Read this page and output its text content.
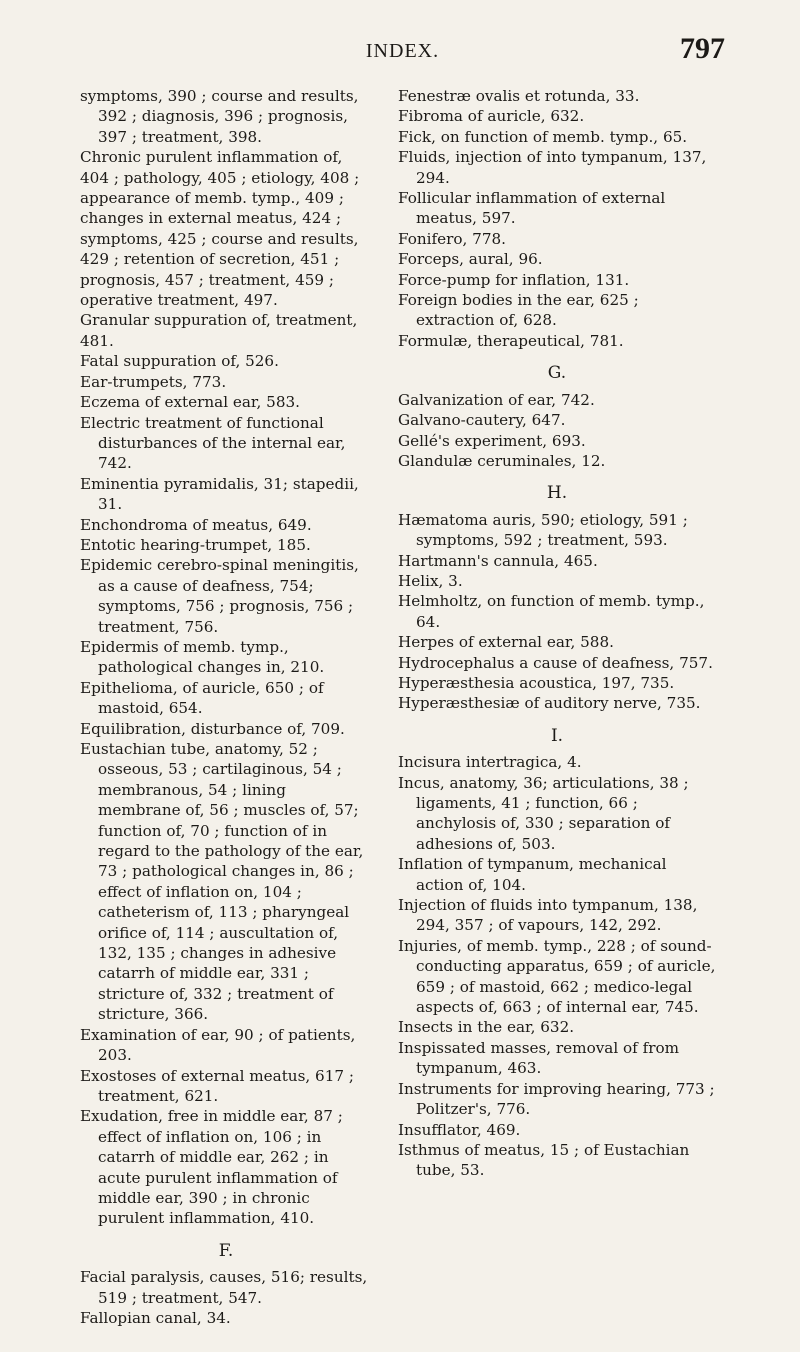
INDEX.	797
symptoms, 390 ; course and results, 392 ; diagnosis, 396 ; prognosis, 397 ; treatment, 398.
Chronic purulent inflammation of, 404 ; pathology, 405 ; etiology, 408 ; appearance of memb. tymp., 409 ; changes in external meatus, 424 ; symptoms, 425 ; course and results, 429 ; retention of secretion, 451 ; prognosis, 457 ; treatment, 459 ; operative treatment, 497.
Granular suppuration of, treatment, 481.
Fatal suppuration of, 526.
Ear-trumpets, 773.
Eczema of external ear, 583.
Electric treatment of functional disturbances of the internal ear, 742.
Eminentia pyramidalis, 31; stapedii, 31.
Enchondroma of meatus, 649.
Entotic hearing-trumpet, 185.
Epidemic cerebro-spinal meningitis, as a cause of deafness, 754; symptoms, 756 ; prognosis, 756 ; treatment, 756.
Epidermis of memb. tymp., pathological changes in, 210.
Epithelioma, of auricle, 650 ; of mastoid, 654.
Equilibration, disturbance of, 709.
Eustachian tube, anatomy, 52 ; osseous, 53 ; cartilaginous, 54 ; membranous, 54 ; lining membrane of, 56 ; muscles of, 57; function of, 70 ; function of in regard to the pathology of the ear, 73 ; pathological changes in, 86 ; effect of inflation on, 104 ; catheterism of, 113 ; pharyngeal orifice of, 114 ; auscultation of, 132, 135 ; changes in adhesive catarrh of middle ear, 331 ; stricture of, 332 ; treatment of stricture, 366.
Examination of ear, 90 ; of patients, 203.
Exostoses of external meatus, 617 ; treatment, 621.
Exudation, free in middle ear, 87 ; effect of inflation on, 106 ; in catarrh of middle ear, 262 ; in acute purulent inflammation of middle ear, 390 ; in chronic purulent inflammation, 410.
F.
Facial paralysis, causes, 516; results, 519 ; treatment, 547.
Fallopian canal, 34.
Fenestræ ovalis et rotunda, 33.
Fibroma of auricle, 632.
Fick, on function of memb. tymp., 65.
Fluids, injection of into tympanum, 137, 294.
Follicular inflammation of external meatus, 597.
Fonifero, 778.
Forceps, aural, 96.
Force-pump for inflation, 131.
Foreign bodies in the ear, 625 ; extraction of, 628.
Formulæ, therapeutical, 781.
G.
Galvanization of ear, 742.
Galvano-cautery, 647.
Gellé's experiment, 693.
Glandulæ ceruminales, 12.
H.
Hæmatoma auris, 590; etiology, 591 ; symptoms, 592 ; treatment, 593.
Hartmann's cannula, 465.
Helix, 3.
Helmholtz, on function of memb. tymp., 64.
Herpes of external ear, 588.
Hydrocephalus a cause of deafness, 757.
Hyperæsthesia acoustica, 197, 735.
Hyperæsthesiæ of auditory nerve, 735.
I.
Incisura intertragica, 4.
Incus, anatomy, 36; articulations, 38 ; ligaments, 41 ; function, 66 ; anchylosis of, 330 ; separation of adhesions of, 503.
Inflation of tympanum, mechanical action of, 104.
Injection of fluids into tympanum, 138, 294, 357 ; of vapours, 142, 292.
Injuries, of memb. tymp., 228 ; of sound-conducting apparatus, 659 ; of auricle, 659 ; of mastoid, 662 ; medico-legal aspects of, 663 ; of internal ear, 745.
Insects in the ear, 632.
Inspissated masses, removal of from tympanum, 463.
Instruments for improving hearing, 773 ; Politzer's, 776.
Insufflator, 469.
Isthmus of meatus, 15 ; of Eustachian tube, 53.
